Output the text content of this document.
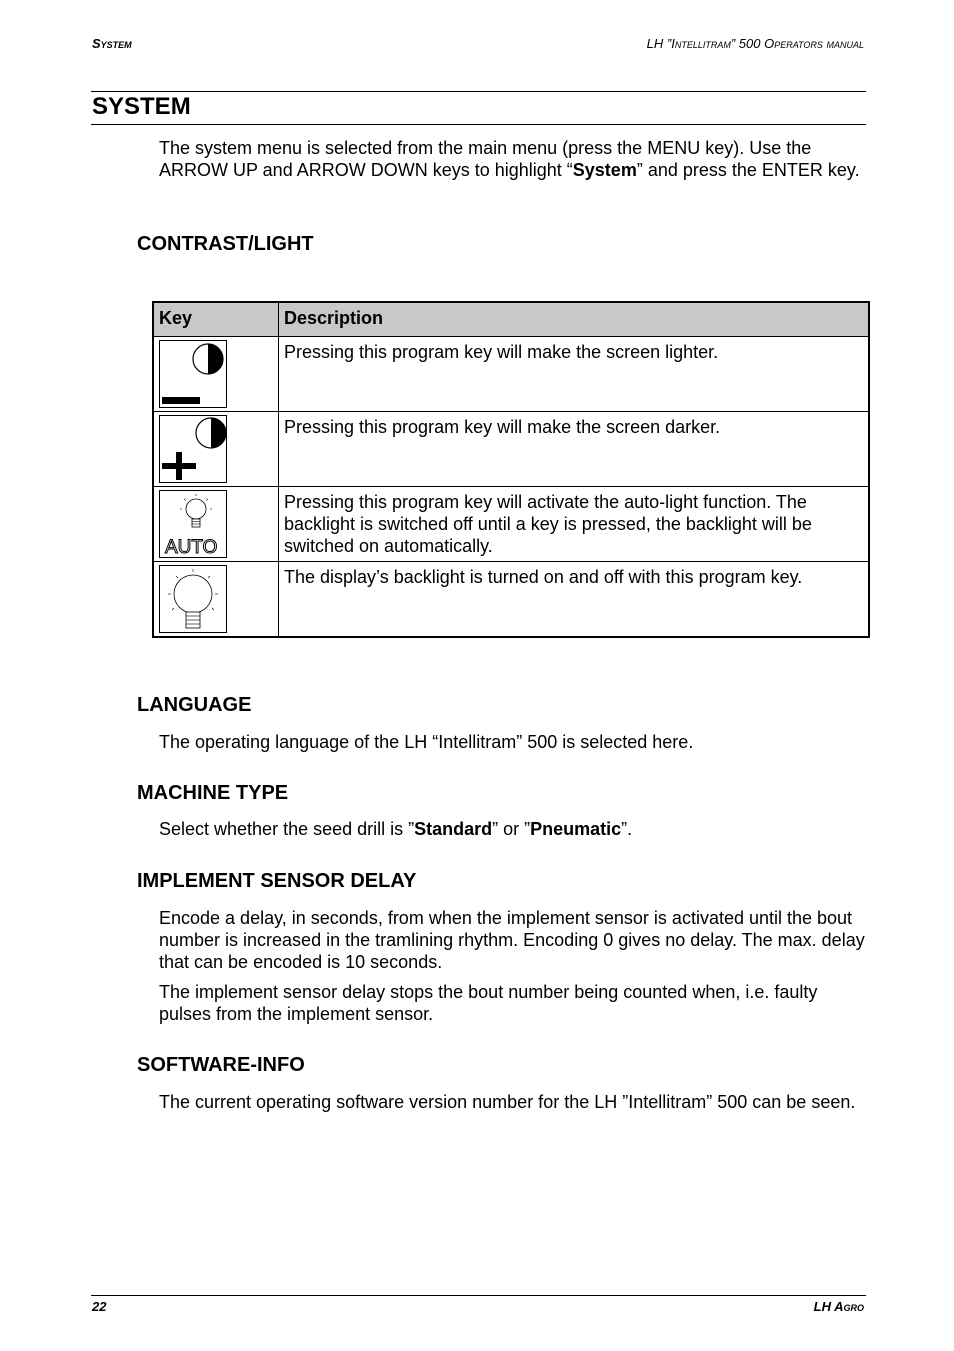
System	LH ”Intellitram” 500 Operators manual
SYSTEM
The system menu is selected from the main menu (press the MENU key). Use the ARROW UP and ARROW DOWN keys to highlight “System” and press the ENTER key.
CONTRAST/LIGHT
Key	Description

	Pressing this program key will make the screen lighter.

	Pressing this program key will make the screen darker.

AUTO	Pressing this program key will activate the auto-light function. The backlight is switched off until a key is pressed, the backlight will be switched on automatically.

	The display’s backlight is turned on and off with this program key.
LANGUAGE
The operating language of the LH “Intellitram” 500 is selected here.
MACHINE TYPE
Select whether the seed drill is ”Standard” or ”Pneumatic”.
IMPLEMENT SENSOR DELAY
Encode a delay, in seconds, from when the implement sensor is activated until the bout number is increased in the tramlining rhythm. Encoding 0 gives no delay. The max. delay that can be encoded is 10 seconds.
The implement sensor delay stops the bout number being counted when, i.e. faulty pulses from the implement sensor.
SOFTWARE-INFO
The current operating software version number for the LH ”Intellitram” 500 can be seen.
22	LH Agro
